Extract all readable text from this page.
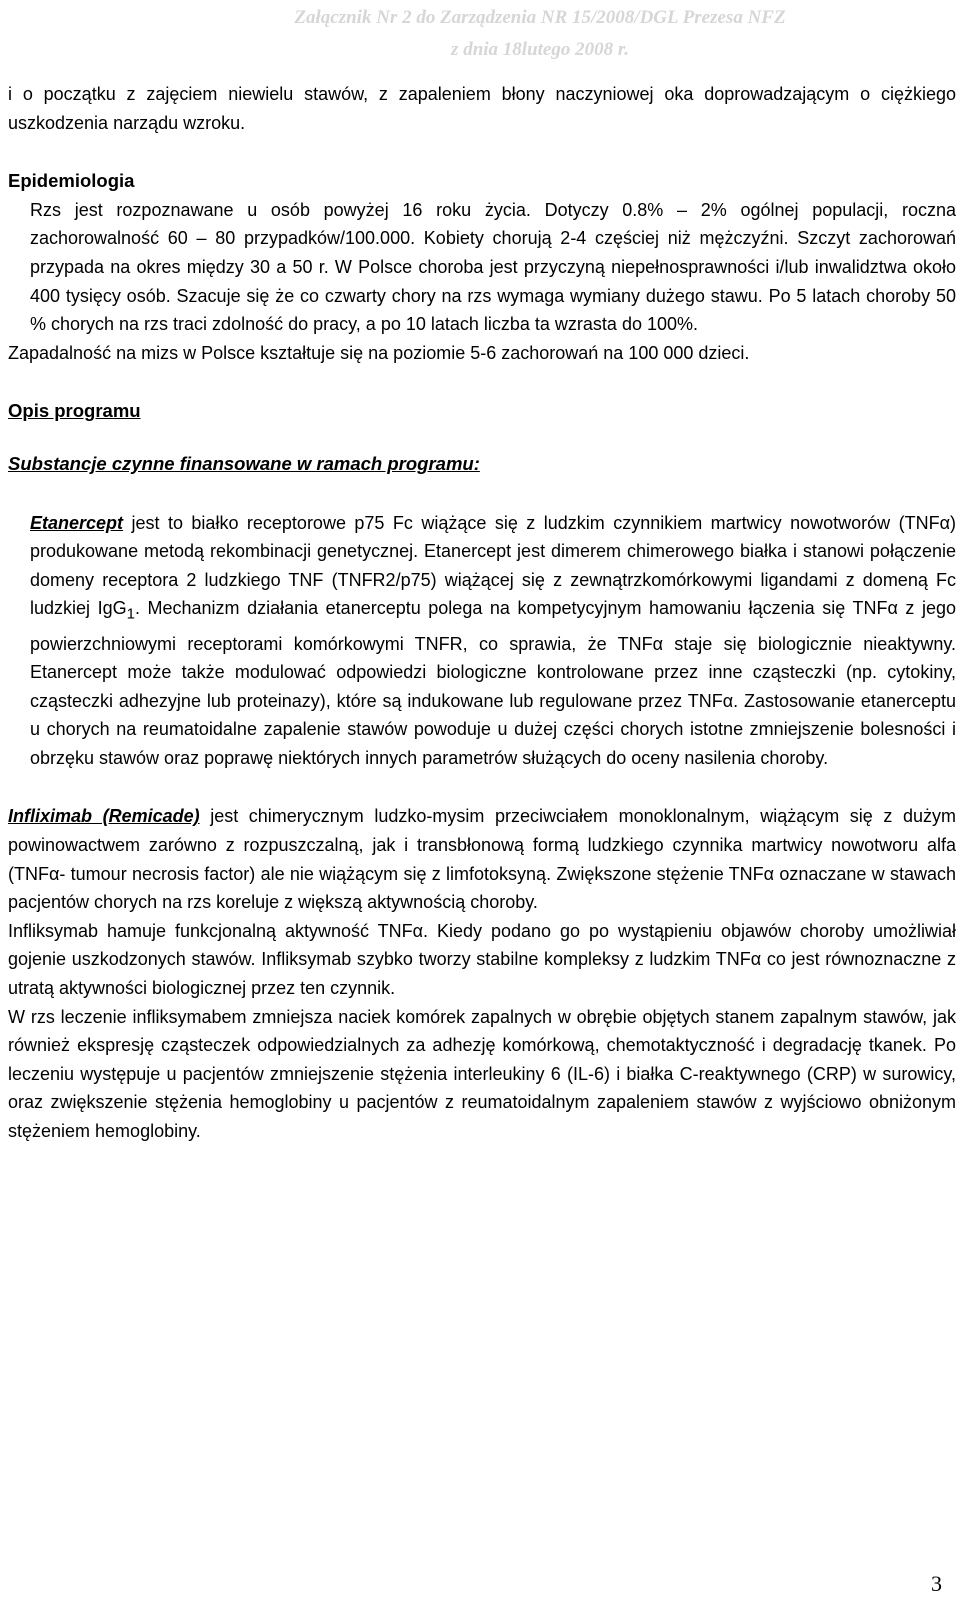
Załącznik Nr 2 do Zarządzenia NR 15/2008/DGL Prezesa NFZ
z dnia 18lutego 2008 r.

i o początku z zajęciem niewielu stawów, z zapaleniem błony naczyniowej oka doprowadzającym o ciężkiego uszkodzenia narządu wzroku.

Epidemiologia

Rzs jest rozpoznawane u osób powyżej 16 roku życia. Dotyczy 0.8% – 2% ogólnej populacji, roczna zachorowalność 60 – 80 przypadków/100.000. Kobiety chorują 2-4 częściej niż mężczyźni. Szczyt zachorowań przypada na okres między 30 a 50 r. W Polsce choroba jest przyczyną niepełnosprawności i/lub inwalidztwa około 400 tysięcy osób. Szacuje się że co czwarty chory na rzs wymaga wymiany dużego stawu. Po 5 latach choroby 50 % chorych na rzs traci zdolność do pracy, a po 10 latach liczba ta wzrasta do 100%.

Zapadalność na mizs w Polsce kształtuje się na poziomie 5-6 zachorowań na 100 000 dzieci.

Opis programu
Substancje czynne finansowane w ramach programu:

Etanercept jest to białko receptorowe p75 Fc wiążące się z ludzkim czynnikiem martwicy nowotworów (TNFα) produkowane metodą rekombinacji genetycznej. Etanercept jest dimerem chimerowego białka i stanowi połączenie domeny receptora 2 ludzkiego TNF (TNFR2/p75) wiążącej się z zewnątrzkomórkowymi ligandami z domeną Fc ludzkiej IgG$_1$. Mechanizm działania etanerceptu polega na kompetycyjnym hamowaniu łączenia się TNFα z jego powierzchniowymi receptorami komórkowymi TNFR, co sprawia, że TNFα staje się biologicznie nieaktywny. Etanercept może także modulować odpowiedzi biologiczne kontrolowane przez inne cząsteczki (np. cytokiny, cząsteczki adhezyjne lub proteinazy), które są indukowane lub regulowane przez TNFα. Zastosowanie etanerceptu u chorych na reumatoidalne zapalenie stawów powoduje u dużej części chorych istotne zmniejszenie bolesności i obrzęku stawów oraz poprawę niektórych innych parametrów służących do oceny nasilenia choroby.

Infliximab (Remicade) jest chimerycznym ludzko-mysim przeciwciałem monoklonalnym, wiążącym się z dużym powinowactwem zarówno z rozpuszczalną, jak i transbłonową formą ludzkiego czynnika martwicy nowotworu alfa (TNFα- tumour necrosis factor) ale nie wiążącym się z limfotoksyną. Zwiększone stężenie TNFα oznaczane w stawach pacjentów chorych na rzs koreluje z większą aktywnością choroby.

Infliksymab hamuje funkcjonalną aktywność TNFα. Kiedy podano go po wystąpieniu objawów choroby umożliwiał gojenie uszkodzonych stawów. Infliksymab szybko tworzy stabilne kompleksy z ludzkim TNFα co jest równoznaczne z utratą aktywności biologicznej przez ten czynnik.

W rzs leczenie infliksymabem zmniejsza naciek komórek zapalnych w obrębie objętych stanem zapalnym stawów, jak również ekspresję cząsteczek odpowiedzialnych za adhezję komórkową, chemotaktyczność i degradację tkanek. Po leczeniu występuje u pacjentów zmniejszenie stężenia interleukiny 6 (IL-6) i białka C-reaktywnego (CRP) w surowicy, oraz zwiększenie stężenia hemoglobiny u pacjentów z reumatoidalnym zapaleniem stawów z wyjściowo obniżonym stężeniem hemoglobiny.

3
